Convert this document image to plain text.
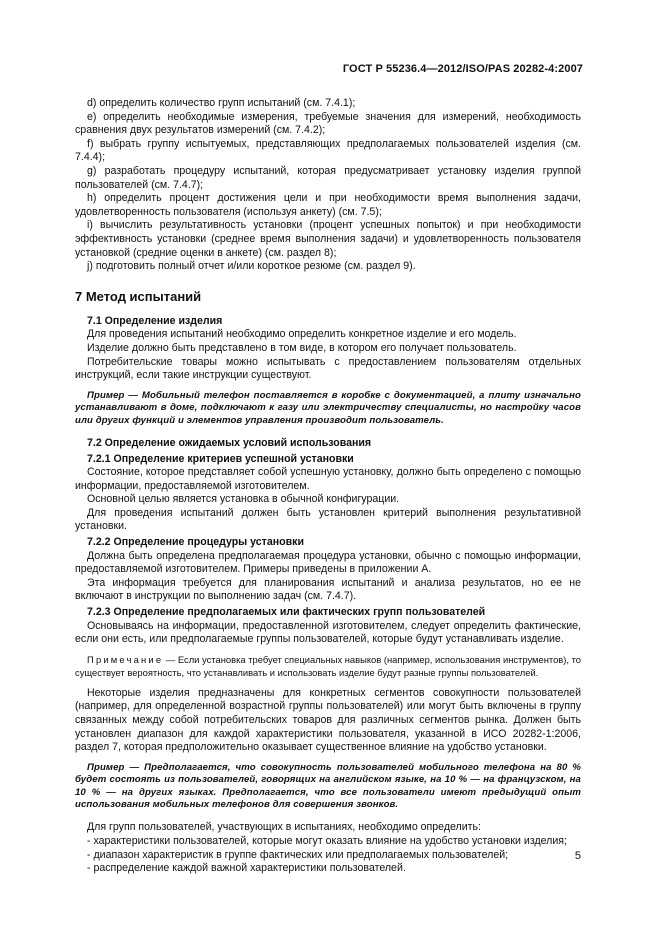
ГОСТ Р 55236.4—2012/ISO/PAS 20282-4:2007

d) определить количество групп испытаний (см. 7.4.1);

e) определить необходимые измерения, требуемые значения для измерений, необходимость сравнения двух результатов измерений (см. 7.4.2);

f) выбрать группу испытуемых, представляющих предполагаемых пользователей изделия (см. 7.4.4);

g) разработать процедуру испытаний, которая предусматривает установку изделия группой пользователей (см. 7.4.7);

h) определить процент достижения цели и при необходимости время выполнения задачи, удовлетворенность пользователя (используя анкету) (см. 7.5);

i) вычислить результативность установки (процент успешных попыток) и при необходимости эффективность установки (среднее время выполнения задачи) и удовлетворенность пользователя установкой (средние оценки в анкете) (см. раздел 8);

j) подготовить полный отчет и/или короткое резюме (см. раздел 9).

7 Метод испытаний

7.1 Определение изделия

Для проведения испытаний необходимо определить конкретное изделие и его модель.

Изделие должно быть представлено в том виде, в котором его получает пользователь.

Потребительские товары можно испытывать с предоставлением пользователям отдельных инструкций, если такие инструкции существуют.

Пример — Мобильный телефон поставляется в коробке с документацией, а плиту изначально устанавливают в доме, подключают к газу или электричеству специалисты, но настройку часов или других функций и элементов управления производит пользователь.

7.2 Определение ожидаемых условий использования

7.2.1 Определение критериев успешной установки

Состояние, которое представляет собой успешную установку, должно быть определено с помощью информации, предоставляемой изготовителем.

Основной целью является установка в обычной конфигурации.

Для проведения испытаний должен быть установлен критерий выполнения результативной установки.

7.2.2 Определение процедуры установки

Должна быть определена предполагаемая процедура установки, обычно с помощью информации, предоставляемой изготовителем. Примеры приведены в приложении А.

Эта информация требуется для планирования испытаний и анализа результатов, но ее не включают в инструкции по выполнению задач (см. 7.4.7).

7.2.3 Определение предполагаемых или фактических групп пользователей

Основываясь на информации, предоставленной изготовителем, следует определить фактические, если они есть, или предполагаемые группы пользователей, которые будут устанавливать изделие.

Примечание — Если установка требует специальных навыков (например, использования инструментов), то существует вероятность, что устанавливать и использовать изделие будут разные группы пользователей.

Некоторые изделия предназначены для конкретных сегментов совокупности пользователей (например, для определенной возрастной группы пользователей) или могут быть включены в группу связанных между собой потребительских товаров для различных сегментов рынка. Должен быть установлен диапазон для каждой характеристики пользователя, указанной в ИСО 20282-1:2006, раздел 7, которая предположительно оказывает существенное влияние на удобство установки.

Пример — Предполагается, что совокупность пользователей мобильного телефона на 80 % будет состоять из пользователей, говорящих на английском языке, на 10 % — на французском, на 10 % — на других языках. Предполагается, что все пользователи имеют предыдущий опыт использования мобильных телефонов для совершения звонков.

Для групп пользователей, участвующих в испытаниях, необходимо определить:

- характеристики пользователей, которые могут оказать влияние на удобство установки изделия;

- диапазон характеристик в группе фактических или предполагаемых пользователей;

- распределение каждой важной характеристики пользователей.

5
